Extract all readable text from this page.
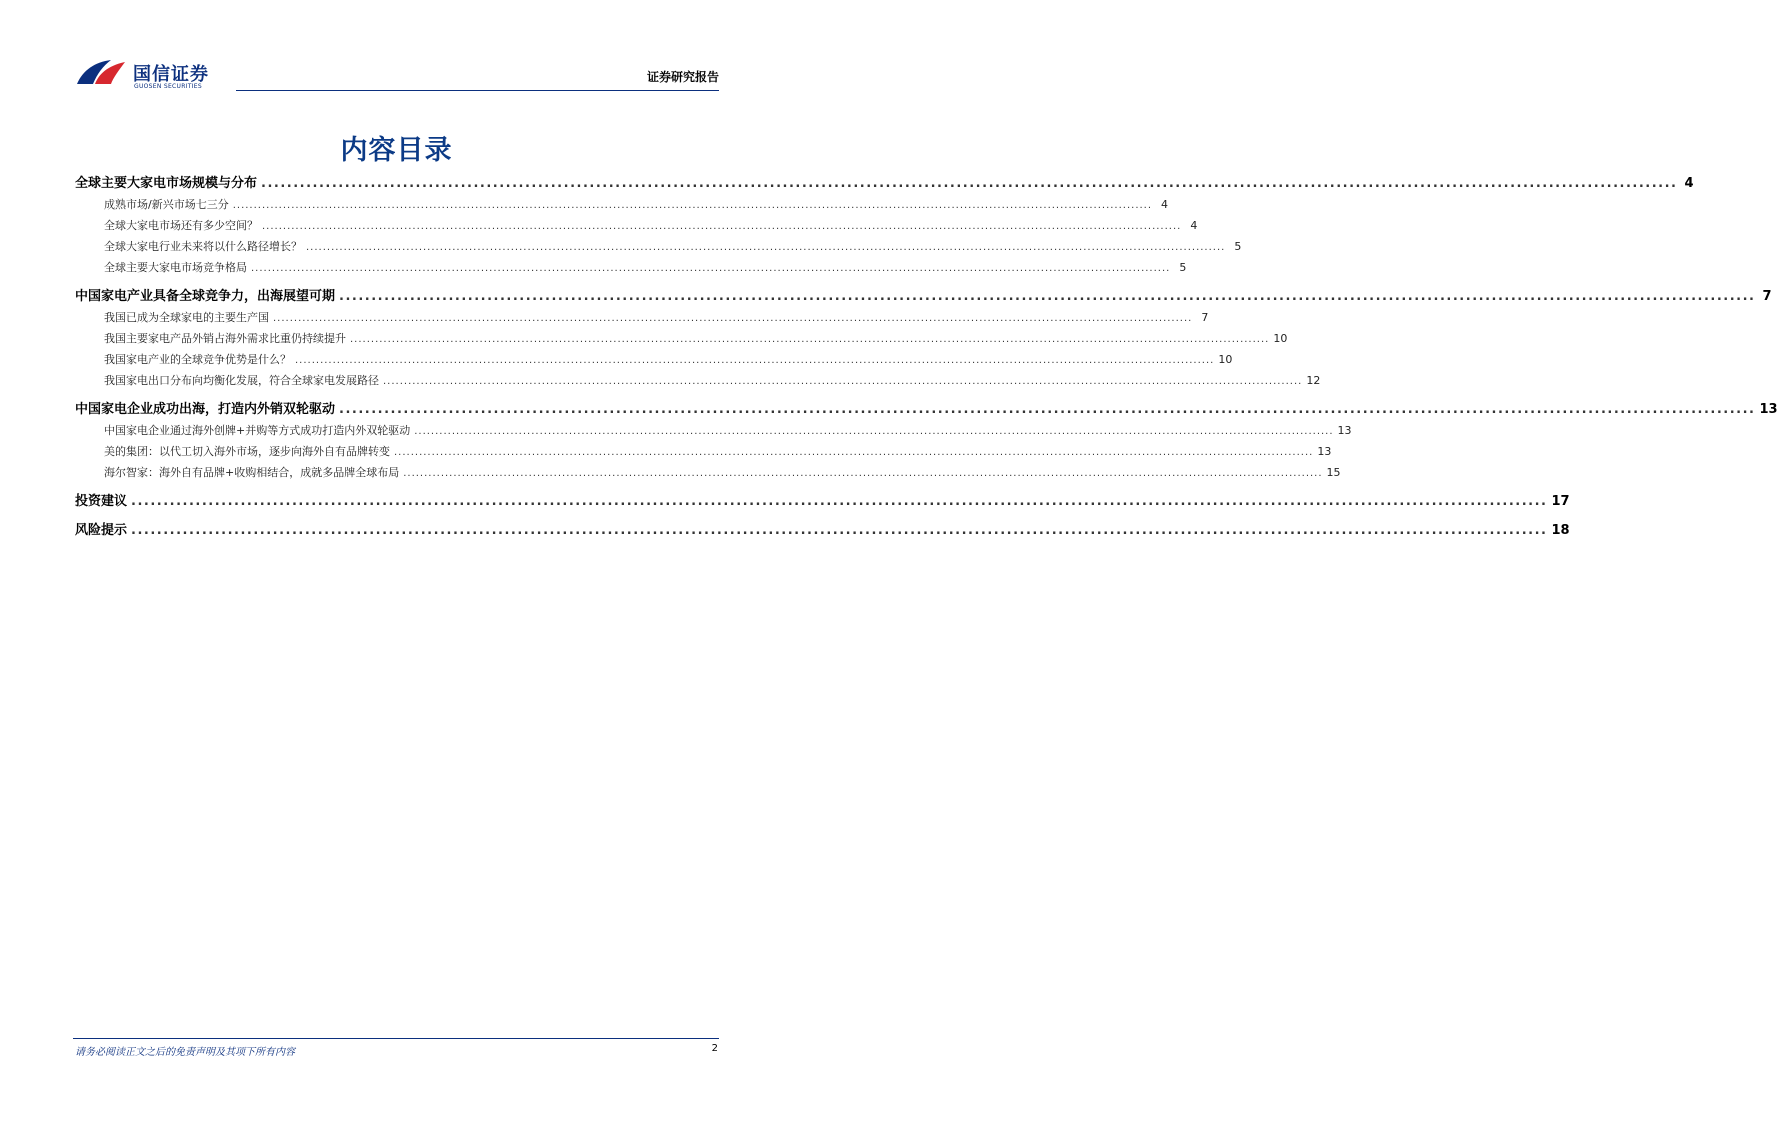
国信证券
GUOSEN SECURITIES
证券研究报告
内容目录
全球主要大家电市场规模与分布 ............................................................................................................................................................................................................................ 4
成熟市场/新兴市场七三分 ............................................................................................................................................................................................................................ 4
全球大家电市场还有多少空间？ ............................................................................................................................................................................................................................ 4
全球大家电行业未来将以什么路径增长？ ............................................................................................................................................................................................................................ 5
全球主要大家电市场竞争格局 ............................................................................................................................................................................................................................ 5
中国家电产业具备全球竞争力，出海展望可期 ............................................................................................................................................................................................................................ 7
我国已成为全球家电的主要生产国 ............................................................................................................................................................................................................................ 7
我国主要家电产品外销占海外需求比重仍持续提升 ............................................................................................................................................................................................................................ 10
我国家电产业的全球竞争优势是什么？ ............................................................................................................................................................................................................................ 10
我国家电出口分布向均衡化发展，符合全球家电发展路径 ............................................................................................................................................................................................................................ 12
中国家电企业成功出海，打造内外销双轮驱动 ............................................................................................................................................................................................................................ 13
中国家电企业通过海外创牌+并购等方式成功打造内外双轮驱动 ............................................................................................................................................................................................................................ 13
美的集团：以代工切入海外市场，逐步向海外自有品牌转变 ............................................................................................................................................................................................................................ 13
海尔智家：海外自有品牌+收购相结合，成就多品牌全球布局 ............................................................................................................................................................................................................................ 15
投资建议 ............................................................................................................................................................................................................................ 17
风险提示 ............................................................................................................................................................................................................................ 18
请务必阅读正文之后的免责声明及其项下所有内容	2
